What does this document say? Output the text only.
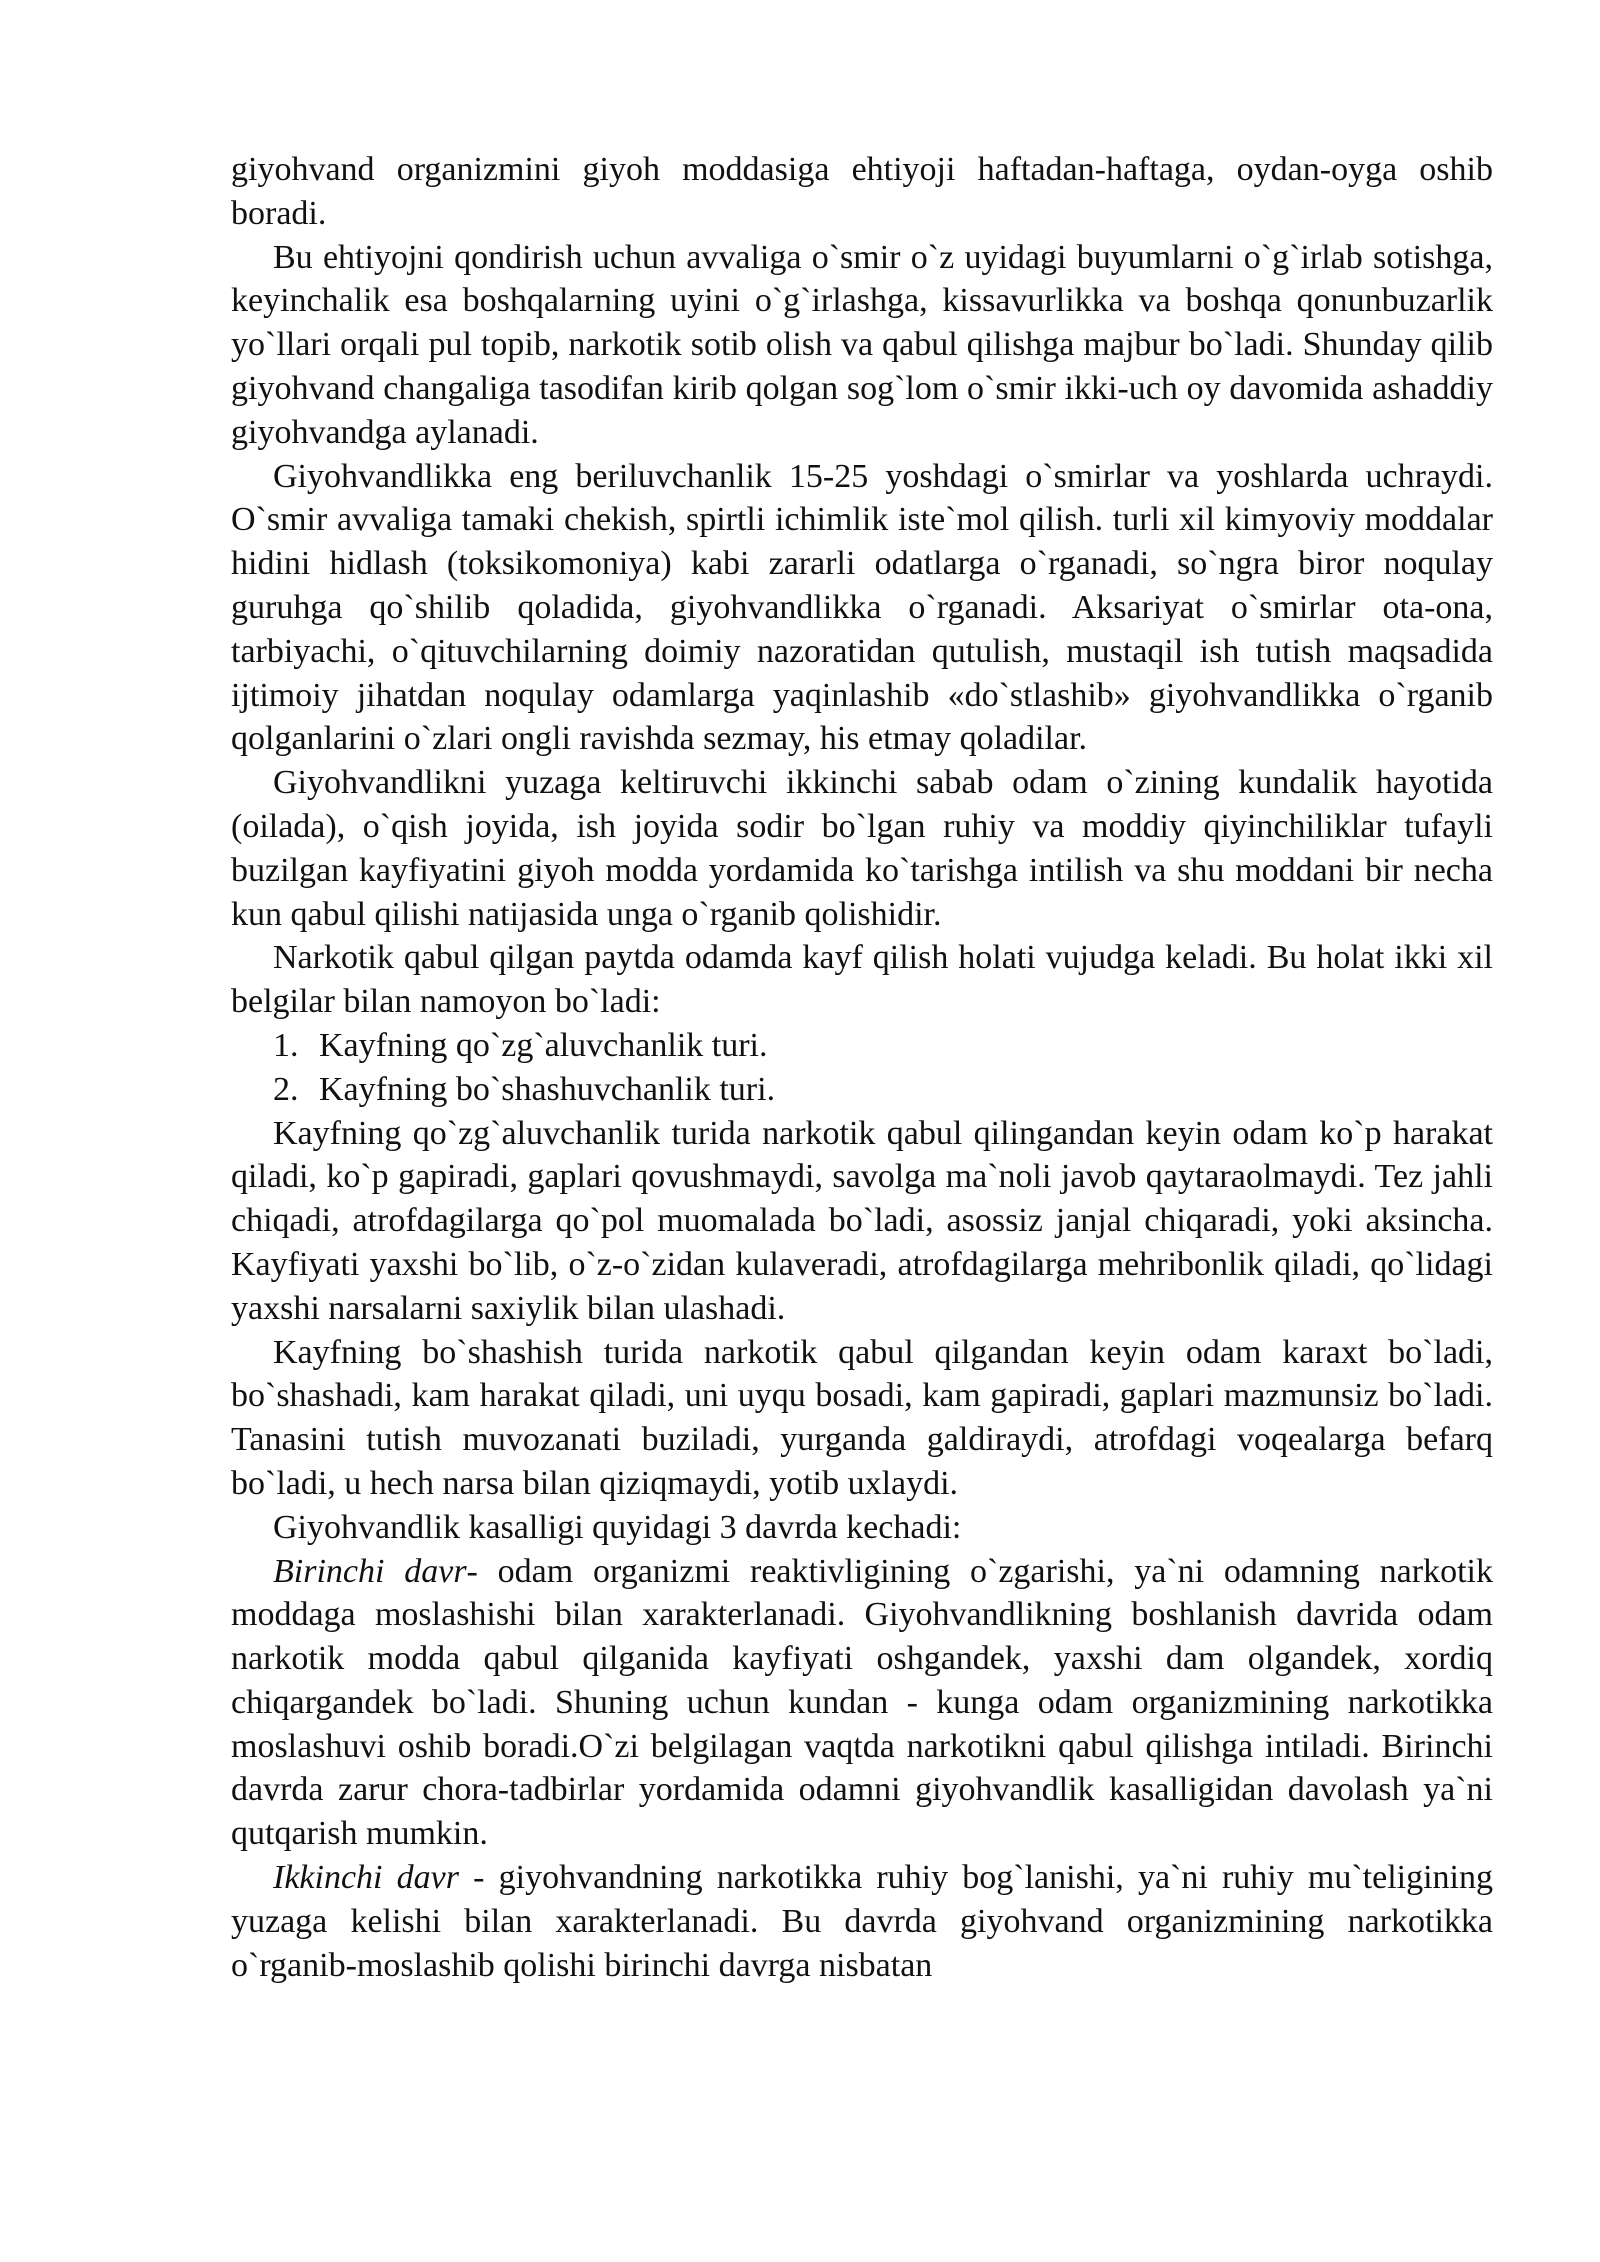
giyohvand organizmini giyoh moddasiga ehtiyoji haftadan-haftaga, oydan-oyga oshib boradi.

Bu ehtiyojni qondirish uchun avvaliga o`smir o`z uyidagi buyumlarni o`g`irlab sotishga, keyinchalik esa boshqalarning uyini o`g`irlashga, kissavurlikka va boshqa qonunbuzarlik yo`llari orqali pul topib, narkotik sotib olish va qabul qilishga majbur bo`ladi. Shunday qilib giyohvand changaliga tasodifan kirib qolgan sog`lom o`smir ikki-uch oy davomida ashaddiy giyohvandga aylanadi.

Giyohvandlikka eng beriluvchanlik 15-25 yoshdagi o`smirlar va yoshlarda uchraydi. O`smir avvaliga tamaki chekish, spirtli ichimlik iste`mol qilish. turli xil kimyoviy moddalar hidini hidlash (toksikomoniya) kabi zararli odatlarga o`rganadi, so`ngra biror noqulay guruhga qo`shilib qoladida, giyohvandlikka o`rganadi. Aksariyat o`smirlar ota-ona, tarbiyachi, o`qituvchilarning doimiy nazoratidan qutulish, mustaqil ish tutish maqsadida ijtimoiy jihatdan noqulay odamlarga yaqinlashib «do`stlashib» giyohvandlikka o`rganib qolganlarini o`zlari ongli ravishda sezmay, his etmay qoladilar.

Giyohvandlikni yuzaga keltiruvchi ikkinchi sabab odam o`zining kundalik hayotida (oilada), o`qish joyida, ish joyida sodir bo`lgan ruhiy va moddiy qiyinchiliklar tufayli buzilgan kayfiyatini giyoh modda yordamida ko`tarishga intilish va shu moddani bir necha kun qabul qilishi natijasida unga o`rganib qolishidir.

Narkotik qabul qilgan paytda odamda kayf qilish holati vujudga keladi. Bu holat ikki xil belgilar bilan namoyon bo`ladi:

1. Kayfning qo`zg`aluvchanlik turi.

2. Kayfning bo`shashuvchanlik turi.

Kayfning qo`zg`aluvchanlik turida narkotik qabul qilingandan keyin odam ko`p harakat qiladi, ko`p gapiradi, gaplari qovushmaydi, savolga ma`noli javob qaytaraolmaydi. Tez jahli chiqadi, atrofdagilarga qo`pol muomalada bo`ladi, asossiz janjal chiqaradi, yoki aksincha. Kayfiyati yaxshi bo`lib, o`z-o`zidan kulaveradi, atrofdagilarga mehribonlik qiladi, qo`lidagi yaxshi narsalarni saxiylik bilan ulashadi.

Kayfning bo`shashish turida narkotik qabul qilgandan keyin odam karaxt bo`ladi, bo`shashadi, kam harakat qiladi, uni uyqu bosadi, kam gapiradi, gaplari mazmunsiz bo`ladi. Tanasini tutish muvozanati buziladi, yurganda galdiraydi, atrofdagi voqealarga befarq bo`ladi, u hech narsa bilan qiziqmaydi, yotib uxlaydi.

Giyohvandlik kasalligi quyidagi 3 davrda kechadi:

Birinchi davr- odam organizmi reaktivligining o`zgarishi, ya`ni odamning narkotik moddaga moslashishi bilan xarakterlanadi. Giyohvandlikning boshlanish davrida odam narkotik modda qabul qilganida kayfiyati oshgandek, yaxshi dam olgandek, xordiq chiqargandek bo`ladi. Shuning uchun kundan - kunga odam organizmining narkotikka moslashuvi oshib boradi.O`zi belgilagan vaqtda narkotikni qabul qilishga intiladi. Birinchi davrda zarur chora-tadbirlar yordamida odamni giyohvandlik kasalligidan davolash ya`ni qutqarish mumkin.

Ikkinchi davr - giyohvandning narkotikka ruhiy bog`lanishi, ya`ni ruhiy mu`teligining yuzaga kelishi bilan xarakterlanadi. Bu davrda giyohvand organizmining narkotikka o`rganib-moslashib qolishi birinchi davrga nisbatan
